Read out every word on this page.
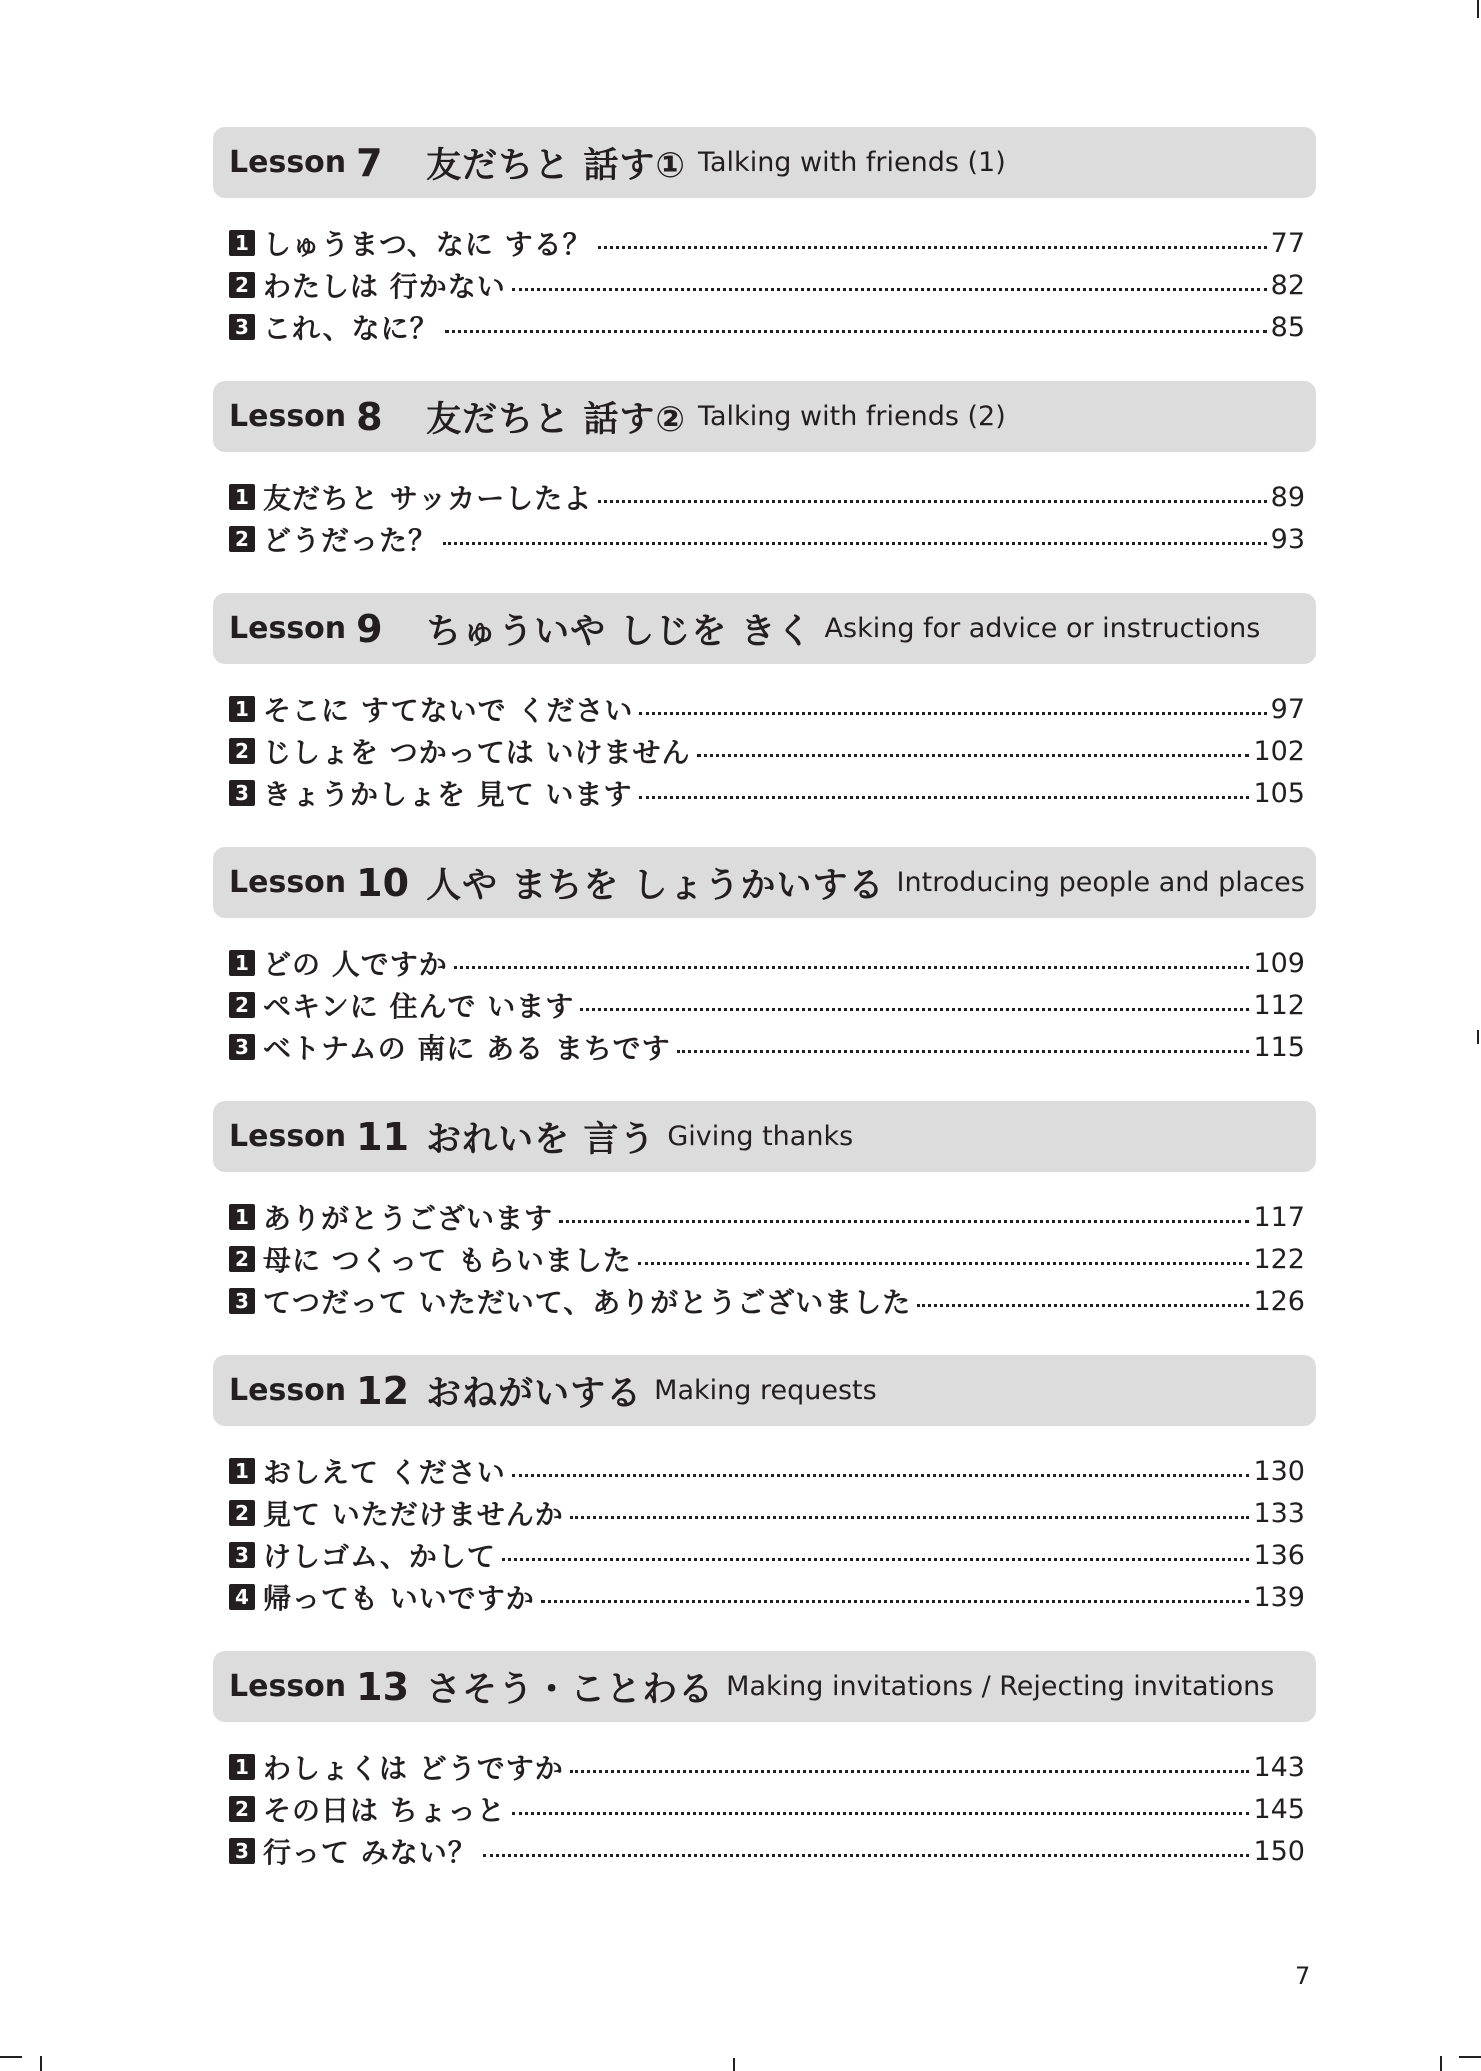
Lesson 7	友だちと 話す① Talking with friends (1)
1 しゅうまつ、なに する？	77
2 わたしは 行かない	82
3 これ、なに？	85
Lesson 8	友だちと 話す② Talking with friends (2)
1 友だちと サッカーしたよ	89
2 どうだった？	93
Lesson 9	ちゅういや しじを きく Asking for advice or instructions
1 そこに すてないで ください	97
2 じしょを つかっては いけません	102
3 きょうかしょを 見て います	105
Lesson 10 人や まちを しょうかいする Introducing people and places
1 どの 人ですか	109
2 ペキンに 住んで います	112
3 ベトナムの 南に ある まちです	115
Lesson 11 おれいを 言う Giving thanks
1 ありがとうございます	117
2 母に つくって もらいました	122
3 てつだって いただいて、ありがとうございました	126
Lesson 12 おねがいする Making requests
1 おしえて ください	130
2 見て いただけませんか	133
3 けしゴム、かして	136
4 帰っても いいですか	139
Lesson 13 さそう・ことわる Making invitations / Rejecting invitations
1 わしょくは どうですか	143
2 その日は ちょっと	145
3 行って みない？	150
7
